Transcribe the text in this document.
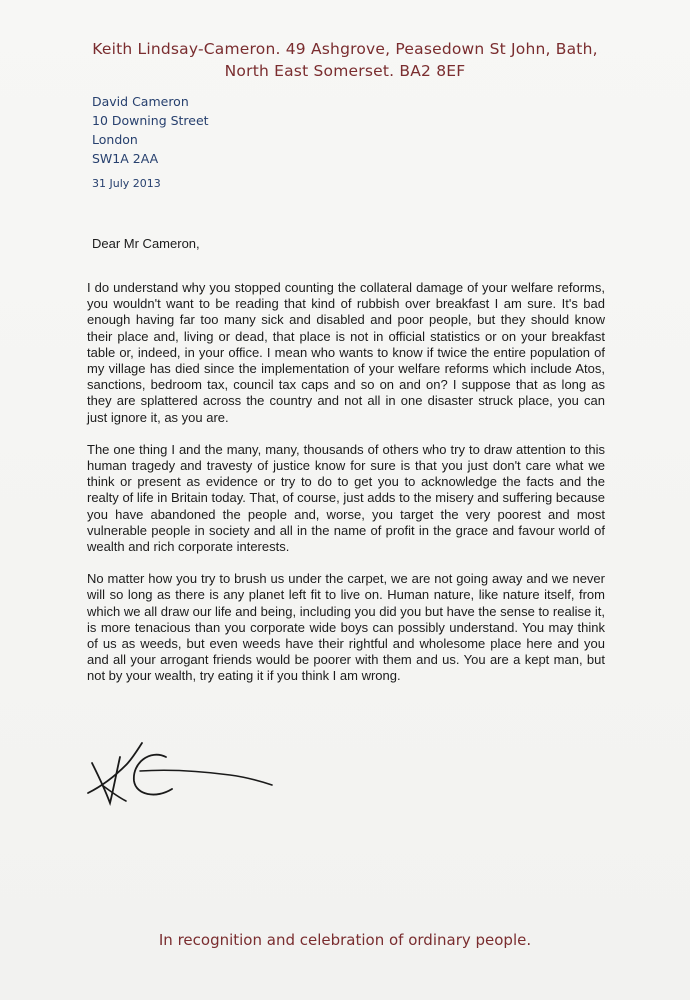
Keith Lindsay-Cameron. 49 Ashgrove, Peasedown St John, Bath,
North East Somerset. BA2 8EF
David Cameron
10 Downing Street
London
SW1A 2AA
31 July 2013
Dear Mr Cameron,

I do understand why you stopped counting the collateral damage of your welfare reforms, you wouldn't want to be reading that kind of rubbish over breakfast I am sure. It's bad enough having far too many sick and disabled and poor people, but they should know their place and, living or dead, that place is not in official statistics or on your breakfast table or, indeed, in your office. I mean who wants to know if twice the entire population of my village has died since the implementation of your welfare reforms which include Atos, sanctions, bedroom tax, council tax caps and so on and on? I suppose that as long as they are splattered across the country and not all in one disaster struck place, you can just ignore it, as you are.

The one thing I and the many, many, thousands of others who try to draw attention to this human tragedy and travesty of justice know for sure is that you just don't care what we think or present as evidence or try to do to get you to acknowledge the facts and the realty of life in Britain today. That, of course, just adds to the misery and suffering because you have abandoned the people and, worse, you target the very poorest and most vulnerable people in society and all in the name of profit in the grace and favour world of wealth and rich corporate interests.

No matter how you try to brush us under the carpet, we are not going away and we never will so long as there is any planet left fit to live on. Human nature, like nature itself, from which we all draw our life and being, including you did you but have the sense to realise it, is more tenacious than you corporate wide boys can possibly understand. You may think of us as weeds, but even weeds have their rightful and wholesome place here and you and all your arrogant friends would be poorer with them and us. You are a kept man, but not by your wealth, try eating it if you think I am wrong.

In recognition and celebration of ordinary people.
